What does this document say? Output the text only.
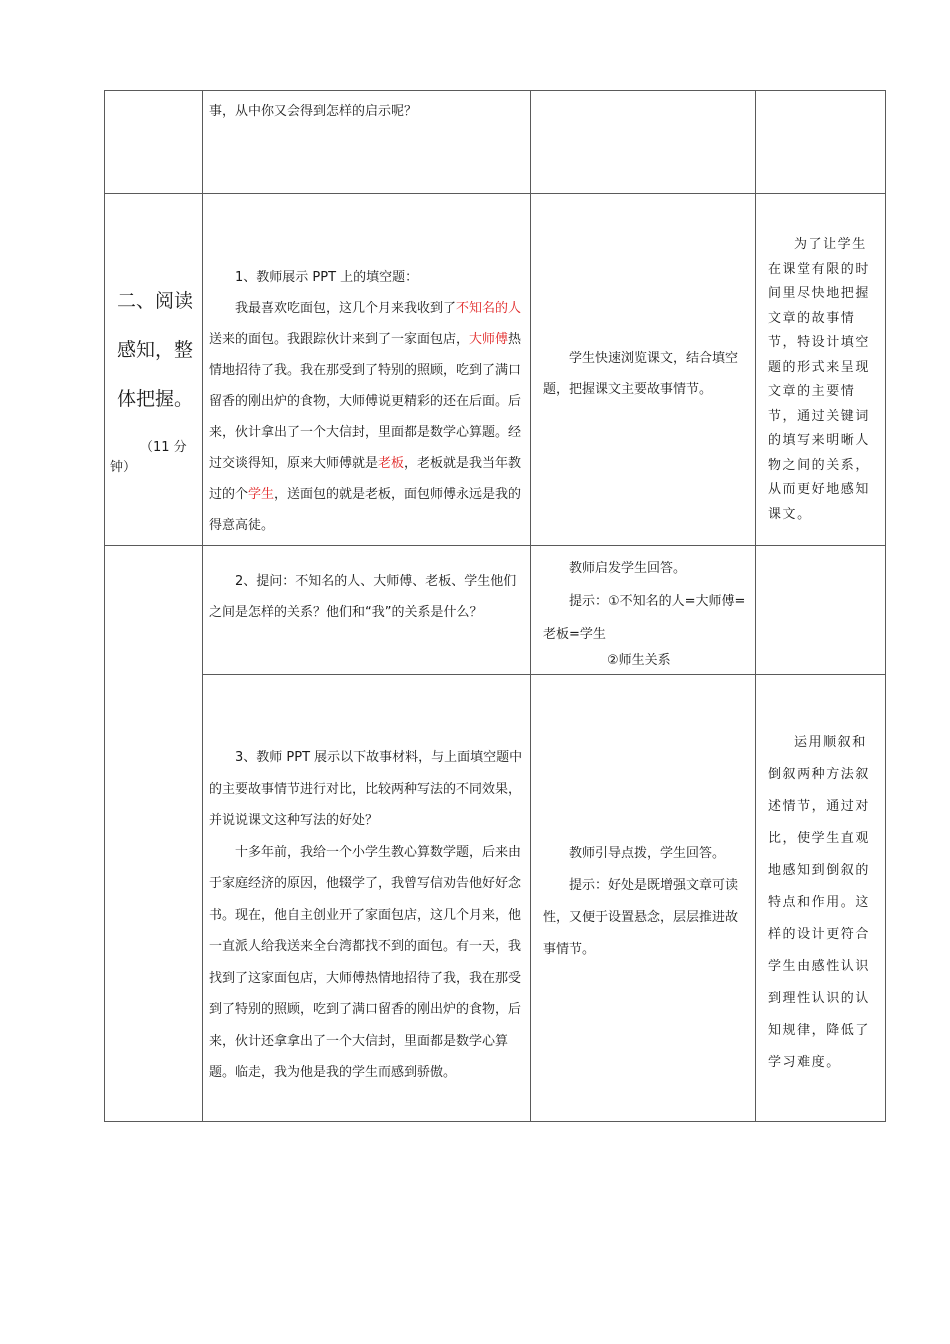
事，从中你又会得到怎样的启示呢？

二、阅读
感知，整
体把握。
（11 分
钟）

1、教师展示 PPT 上的填空题：

我最喜欢吃面包，这几个月来我收到了不知名的人送来的面包。我跟踪伙计来到了一家面包店，大师傅热情地招待了我。我在那受到了特别的照顾，吃到了满口留香的刚出炉的食物，大师傅说更精彩的还在后面。后来，伙计拿出了一个大信封，里面都是数学心算题。经过交谈得知，原来大师傅就是老板，老板就是我当年教过的个学生，送面包的就是老板，面包师傅永远是我的得意高徒。

学生快速浏览课文，结合填空题，把握课文主要故事情节。

为了让学生在课堂有限的时间里尽快地把握文章的故事情节，特设计填空题的形式来呈现文章的主要情节，通过关键词的填写来明晰人物之间的关系，从而更好地感知课文。

2、提问：不知名的人、大师傅、老板、学生他们之间是怎样的关系？他们和“我”的关系是什么？

教师启发学生回答。

提示：①不知名的人=大师傅=老板=学生

②师生关系

3、教师 PPT 展示以下故事材料，与上面填空题中的主要故事情节进行对比，比较两种写法的不同效果，并说说课文这种写法的好处？

十多年前，我给一个小学生教心算数学题，后来由于家庭经济的原因，他辍学了，我曾写信劝告他好好念书。现在，他自主创业开了家面包店，这几个月来，他一直派人给我送来全台湾都找不到的面包。有一天，我找到了这家面包店，大师傅热情地招待了我，我在那受到了特别的照顾，吃到了满口留香的刚出炉的食物，后来，伙计还拿拿出了一个大信封，里面都是数学心算题。临走，我为他是我的学生而感到骄傲。

教师引导点拨，学生回答。

提示：好处是既增强文章可读性，又便于设置悬念，层层推进故事情节。

运用顺叙和倒叙两种方法叙述情节，通过对比，使学生直观地感知到倒叙的特点和作用。这样的设计更符合学生由感性认识到理性认识的认知规律，降低了学习难度。
